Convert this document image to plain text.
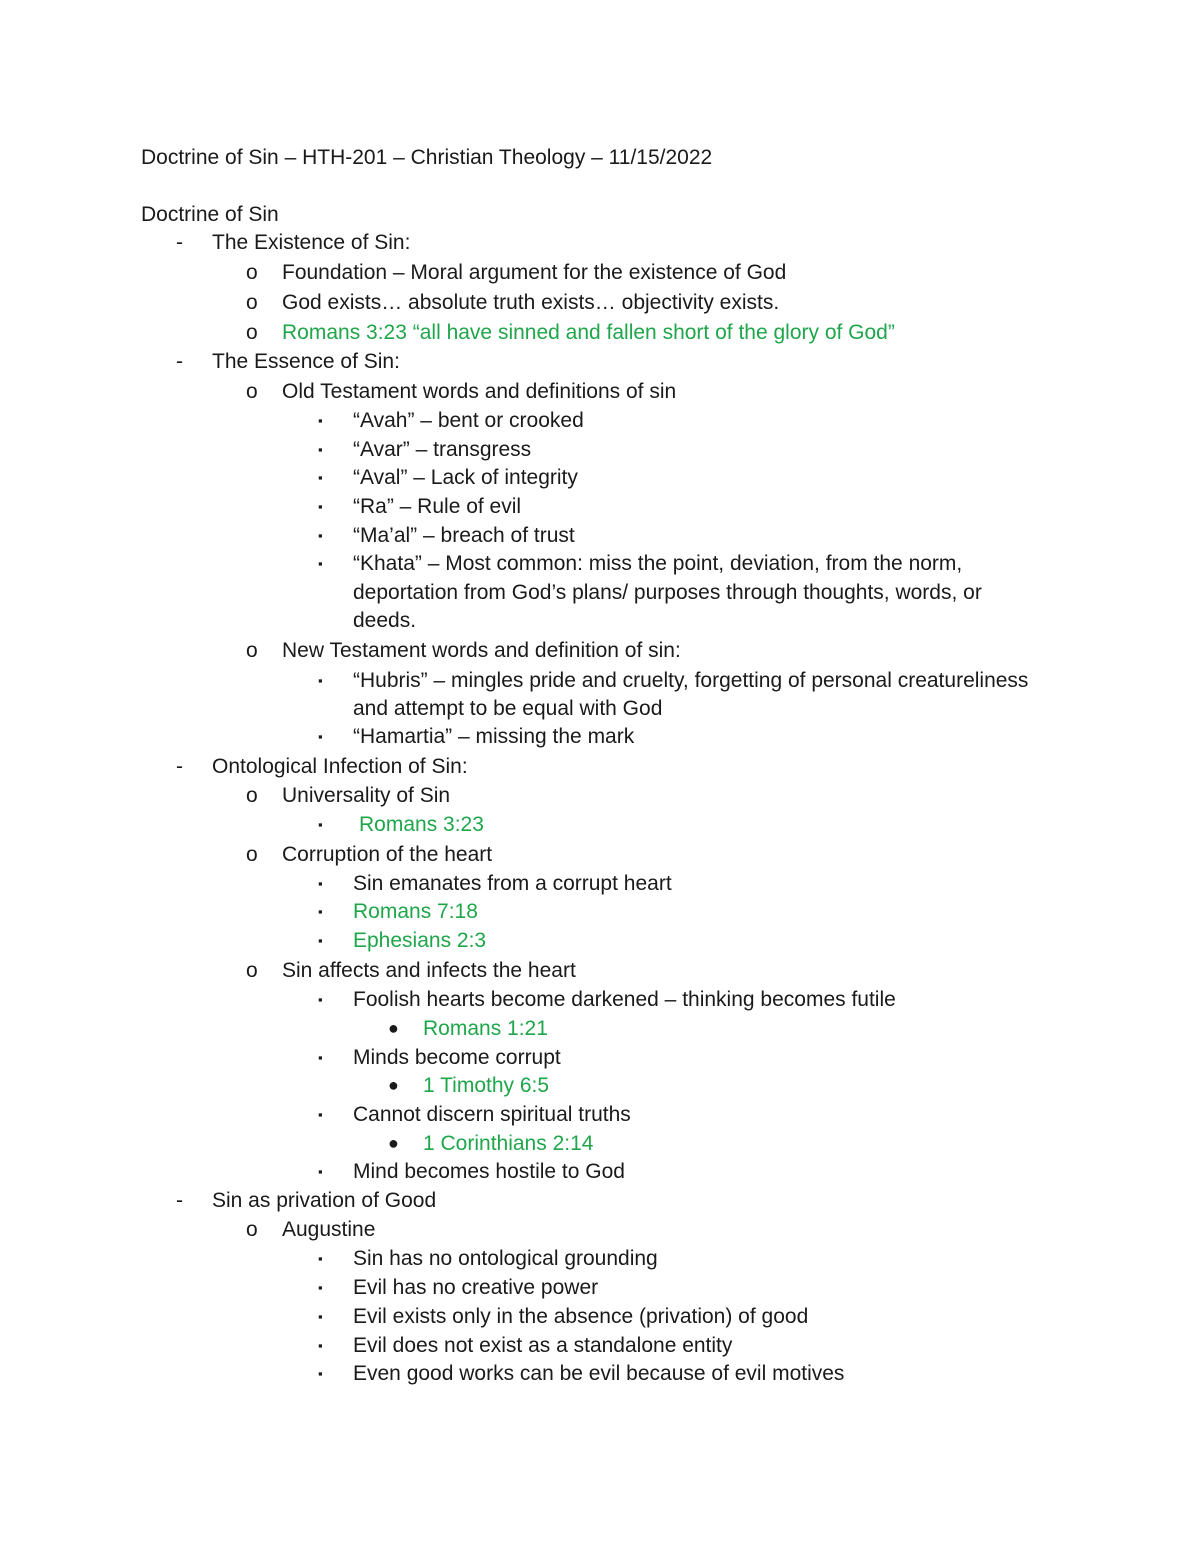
Doctrine of Sin – HTH-201 – Christian Theology – 11/15/2022
Doctrine of Sin
- The Existence of Sin:
o Foundation – Moral argument for the existence of God
o God exists… absolute truth exists… objectivity exists.
o Romans 3:23 “all have sinned and fallen short of the glory of God”
- The Essence of Sin:
o Old Testament words and definitions of sin
▪ “Avah” – bent or crooked
▪ “Avar” – transgress
▪ “Aval” – Lack of integrity
▪ “Ra” – Rule of evil
▪ “Ma’al” – breach of trust
▪ “Khata” – Most common: miss the point, deviation, from the norm,
deportation from God’s plans/ purposes through thoughts, words, or
deeds.
o New Testament words and definition of sin:
▪ “Hubris” – mingles pride and cruelty, forgetting of personal creatureliness
and attempt to be equal with God
▪ “Hamartia” – missing the mark
- Ontological Infection of Sin:
o Universality of Sin
▪ Romans 3:23
o Corruption of the heart
▪ Sin emanates from a corrupt heart
▪ Romans 7:18
▪ Ephesians 2:3
o Sin affects and infects the heart
▪ Foolish hearts become darkened – thinking becomes futile
● Romans 1:21
▪ Minds become corrupt
● 1 Timothy 6:5
▪ Cannot discern spiritual truths
● 1 Corinthians 2:14
▪ Mind becomes hostile to God
- Sin as privation of Good
o Augustine
▪ Sin has no ontological grounding
▪ Evil has no creative power
▪ Evil exists only in the absence (privation) of good
▪ Evil does not exist as a standalone entity
▪ Even good works can be evil because of evil motives
